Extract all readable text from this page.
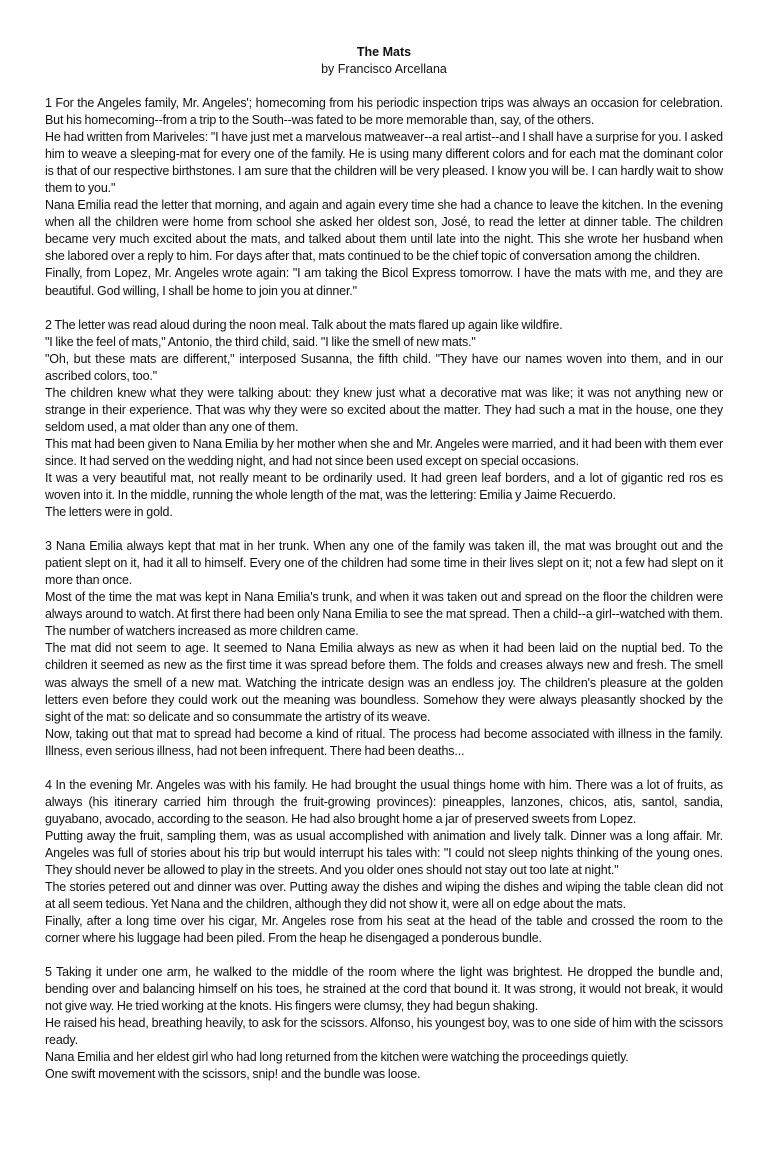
The Mats

by Francisco Arcellana

1 For the Angeles family, Mr. Angeles'; homecoming from his periodic inspection trips was always an occasion for celebration. But his homecoming--from a trip to the South--was fated to be more memorable than, say, of the others.

He had written from Mariveles: "I have just met a marvelous matweaver--a real artist--and I shall have a surprise for you. I asked him to weave a sleeping-mat for every one of the family. He is using many different colors and for each mat the dominant color is that of our respective birthstones. I am sure that the children will be very pleased. I know you will be. I can hardly wait to show them to you."

Nana Emilia read the letter that morning, and again and again every time she had a chance to leave the kitchen. In the evening when all the children were home from school she asked her oldest son, José, to read the letter at dinner table. The children became very much excited about the mats, and talked about them until late into the night. This she wrote her husband when she labored over a reply to him. For days after that, mats continued to be the chief topic of conversation among the children.

Finally, from Lopez, Mr. Angeles wrote again: "I am taking the Bicol Express tomorrow. I have the mats with me, and they are beautiful. God willing, I shall be home to join you at dinner."

2 The letter was read aloud during the noon meal. Talk about the mats flared up again like wildfire.

"I like the feel of mats," Antonio, the third child, said. "I like the smell of new mats."

"Oh, but these mats are different," interposed Susanna, the fifth child. "They have our names woven into them, and in our ascribed colors, too."

The children knew what they were talking about: they knew just what a decorative mat was like; it was not anything new or strange in their experience. That was why they were so excited about the matter. They had such a mat in the house, one they seldom used, a mat older than any one of them.

This mat had been given to Nana Emilia by her mother when she and Mr. Angeles were married, and it had been with them ever since. It had served on the wedding night, and had not since been used except on special occasions.

It was a very beautiful mat, not really meant to be ordinarily used. It had green leaf borders, and a lot of gigantic red ros es woven into it. In the middle, running the whole length of the mat, was the lettering: Emilia y Jaime Recuerdo.

The letters were in gold.

3 Nana Emilia always kept that mat in her trunk. When any one of the family was taken ill, the mat was brought out and the patient slept on it, had it all to himself. Every one of the children had some time in their lives slept on it; not a few had slept on it more than once.

Most of the time the mat was kept in Nana Emilia's trunk, and when it was taken out and spread on the floor the children were always around to watch. At first there had been only Nana Emilia to see the mat spread. Then a child--a girl--watched with them. The number of watchers increased as more children came.

The mat did not seem to age. It seemed to Nana Emilia always as new as when it had been laid on the nuptial bed. To the children it seemed as new as the first time it was spread before them. The folds and creases always new and fresh. The smell was always the smell of a new mat. Watching the intricate design was an endless joy. The children's pleasure at the golden letters even before they could work out the meaning was boundless. Somehow they were always pleasantly shocked by the sight of the mat: so delicate and so consummate the artistry of its weave.

Now, taking out that mat to spread had become a kind of ritual. The process had become associated with illness in the family. Illness, even serious illness, had not been infrequent. There had been deaths...

4 In the evening Mr. Angeles was with his family. He had brought the usual things home with him. There was a lot of fruits, as always (his itinerary carried him through the fruit-growing provinces): pineapples, lanzones, chicos, atis, santol, sandia, guyabano, avocado, according to the season. He had also brought home a jar of preserved sweets from Lopez.

Putting away the fruit, sampling them, was as usual accomplished with animation and lively talk. Dinner was a long affair. Mr. Angeles was full of stories about his trip but would interrupt his tales with: "I could not sleep nights thinking of the young ones. They should never be allowed to play in the streets. And you older ones should not stay out too late at night."

The stories petered out and dinner was over. Putting away the dishes and wiping the dishes and wiping the table clean did not at all seem tedious. Yet Nana and the children, although they did not show it, were all on edge about the mats.

Finally, after a long time over his cigar, Mr. Angeles rose from his seat at the head of the table and crossed the room to the corner where his luggage had been piled. From the heap he disengaged a ponderous bundle.

5 Taking it under one arm, he walked to the middle of the room where the light was brightest. He dropped the bundle and, bending over and balancing himself on his toes, he strained at the cord that bound it. It was strong, it would not break, it would not give way. He tried working at the knots. His fingers were clumsy, they had begun shaking.

He raised his head, breathing heavily, to ask for the scissors. Alfonso, his youngest boy, was to one side of him with the scissors ready.

Nana Emilia and her eldest girl who had long returned from the kitchen were watching the proceedings quietly.

One swift movement with the scissors, snip! and the bundle was loose.
